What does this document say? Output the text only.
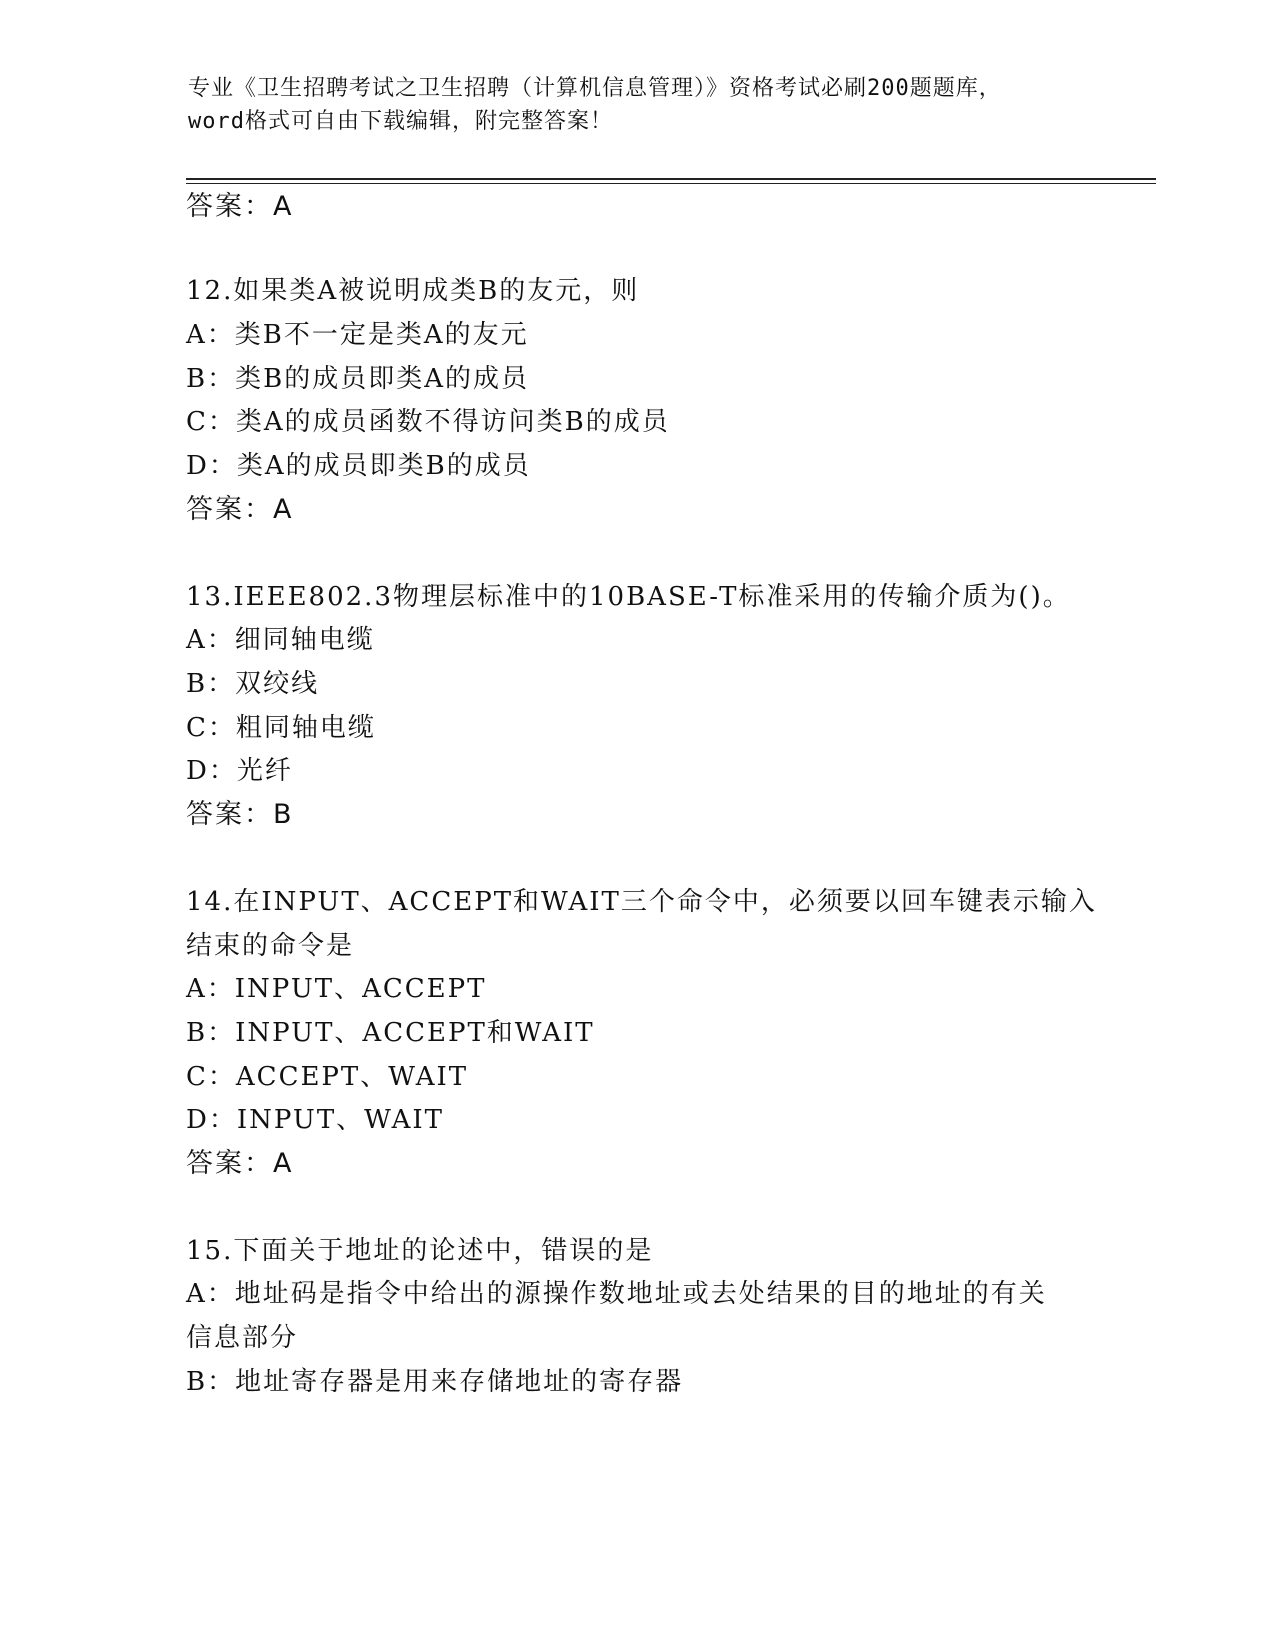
专业《卫生招聘考试之卫生招聘（计算机信息管理）》资格考试必刷200题题库，
word格式可自由下载编辑，附完整答案！
答案：A
12.如果类A被说明成类B的友元，则
A：类B不一定是类A的友元
B：类B的成员即类A的成员
C：类A的成员函数不得访问类B的成员
D：类A的成员即类B的成员
答案：A
13.IEEE802.3物理层标准中的10BASE-T标准采用的传输介质为()。
A：细同轴电缆
B：双绞线
C：粗同轴电缆
D：光纤
答案：B
14.在INPUT、ACCEPT和WAIT三个命令中，必须要以回车键表示输入
结束的命令是
A：INPUT、ACCEPT
B：INPUT、ACCEPT和WAIT
C：ACCEPT、WAIT
D：INPUT、WAIT
答案：A
15.下面关于地址的论述中，错误的是
A：地址码是指令中给出的源操作数地址或去处结果的目的地址的有关
信息部分
B：地址寄存器是用来存储地址的寄存器
